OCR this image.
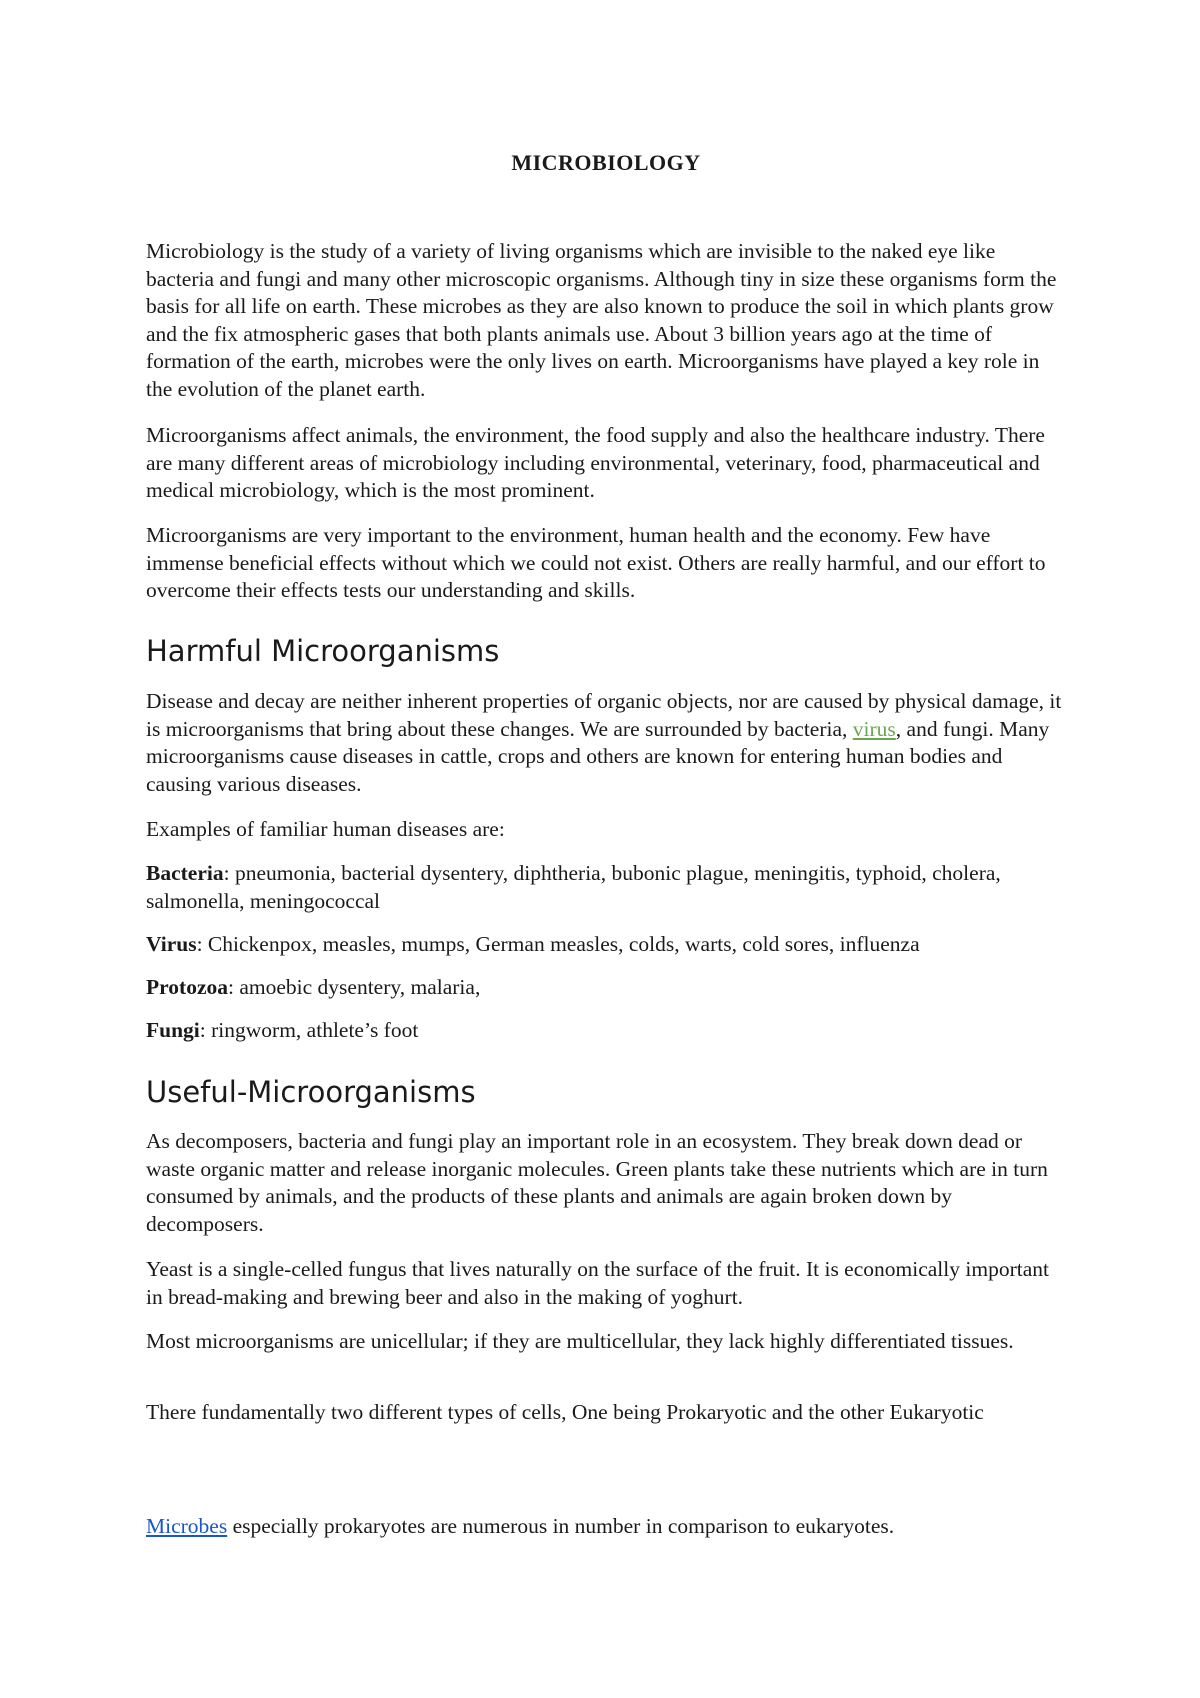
MICROBIOLOGY

Microbiology is the study of a variety of living organisms which are invisible to the naked eye like bacteria and fungi and many other microscopic organisms. Although tiny in size these organisms form the basis for all life on earth. These microbes as they are also known to produce the soil in which plants grow and the fix atmospheric gases that both plants animals use. About 3 billion years ago at the time of formation of the earth, microbes were the only lives on earth. Microorganisms have played a key role in the evolution of the planet earth.

Microorganisms affect animals, the environment, the food supply and also the healthcare industry. There are many different areas of microbiology including environmental, veterinary, food, pharmaceutical and medical microbiology, which is the most prominent.

Microorganisms are very important to the environment, human health and the economy. Few have immense beneficial effects without which we could not exist. Others are really harmful, and our effort to overcome their effects tests our understanding and skills.

Harmful Microorganisms

Disease and decay are neither inherent properties of organic objects, nor are caused by physical damage, it is microorganisms that bring about these changes. We are surrounded by bacteria, virus, and fungi. Many microorganisms cause diseases in cattle, crops and others are known for entering human bodies and causing various diseases.

Examples of familiar human diseases are:

Bacteria: pneumonia, bacterial dysentery, diphtheria, bubonic plague, meningitis, typhoid, cholera, salmonella, meningococcal

Virus: Chickenpox, measles, mumps, German measles, colds, warts, cold sores, influenza

Protozoa: amoebic dysentery, malaria,

Fungi: ringworm, athlete’s foot

Useful-Microorganisms

As decomposers, bacteria and fungi play an important role in an ecosystem. They break down dead or waste organic matter and release inorganic molecules. Green plants take these nutrients which are in turn consumed by animals, and the products of these plants and animals are again broken down by decomposers.

Yeast is a single-celled fungus that lives naturally on the surface of the fruit. It is economically important in bread-making and brewing beer and also in the making of yoghurt.

Most microorganisms are unicellular; if they are multicellular, they lack highly differentiated tissues.

There fundamentally two different types of cells, One being Prokaryotic and the other Eukaryotic

Microbes especially prokaryotes are numerous in number in comparison to eukaryotes.
